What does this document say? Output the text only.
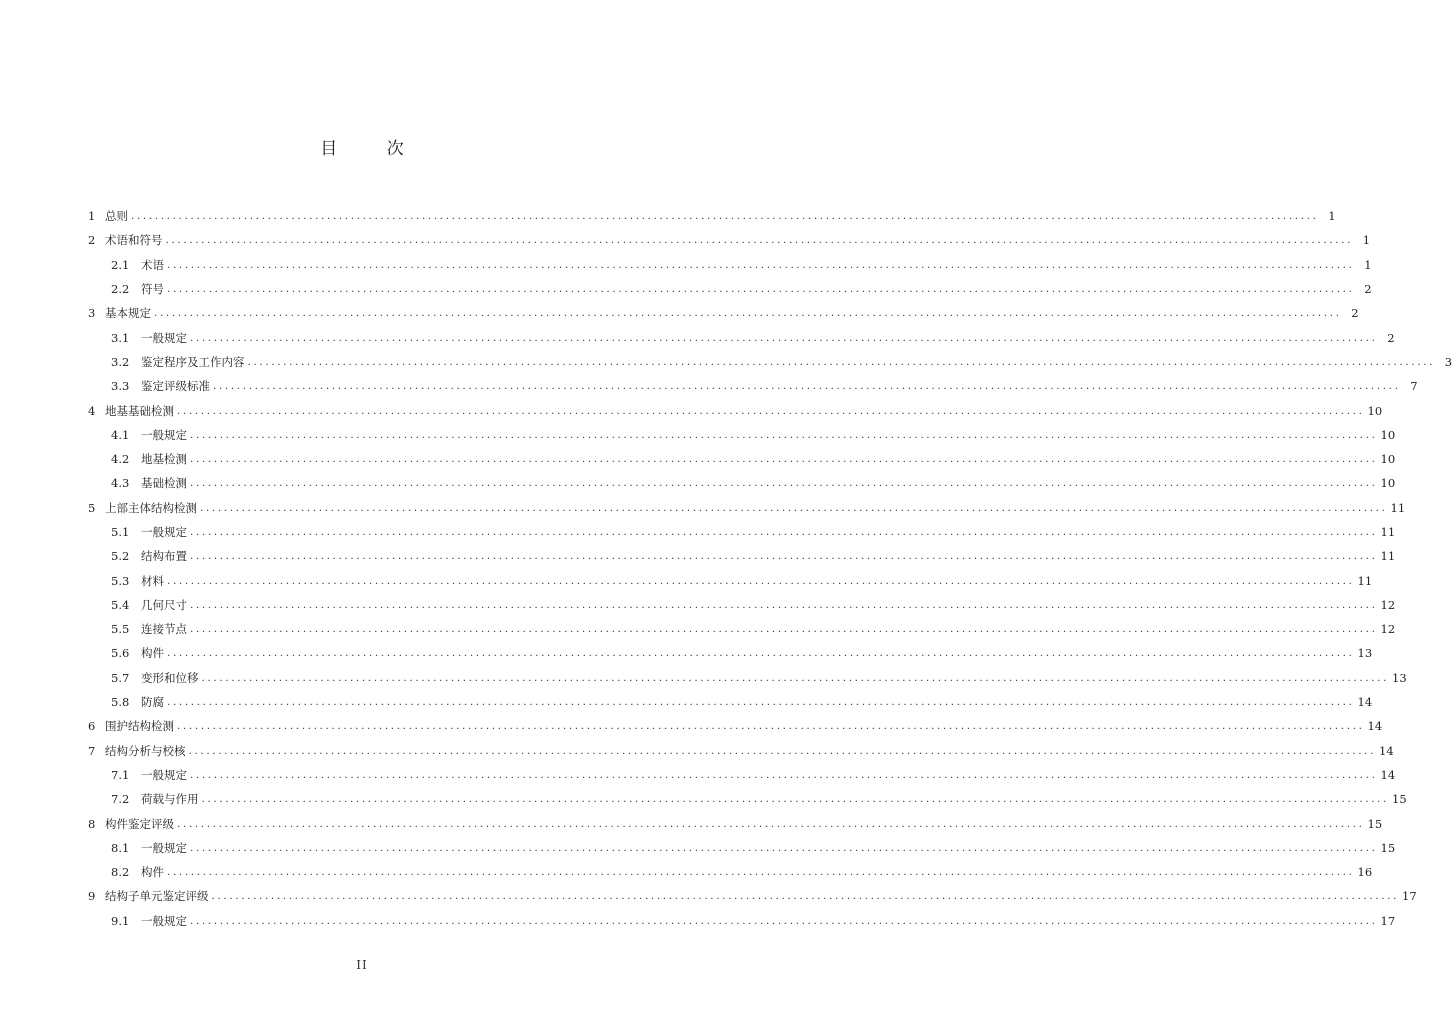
目 次
1 总则 ........................................................................................................................................................................................................ 1
2 术语和符号 ........................................................................................................................................................................................................ 1
2.1	术语 ........................................................................................................................................................................................................ 1
2.2	符号 ........................................................................................................................................................................................................ 2
3 基本规定 ........................................................................................................................................................................................................ 2
3.1	一般规定 ........................................................................................................................................................................................................ 2
3.2	鉴定程序及工作内容 ........................................................................................................................................................................................................ 3
3.3	鉴定评级标准 ........................................................................................................................................................................................................ 7
4 地基基础检测 ........................................................................................................................................................................................................ 10
4.1	一般规定 ........................................................................................................................................................................................................ 10
4.2	地基检测 ........................................................................................................................................................................................................ 10
4.3	基础检测 ........................................................................................................................................................................................................ 10
5 上部主体结构检测 ........................................................................................................................................................................................................ 11
5.1	一般规定 ........................................................................................................................................................................................................ 11
5.2	结构布置 ........................................................................................................................................................................................................ 11
5.3	材料 ........................................................................................................................................................................................................ 11
5.4	几何尺寸 ........................................................................................................................................................................................................ 12
5.5	连接节点 ........................................................................................................................................................................................................ 12
5.6	构件 ........................................................................................................................................................................................................ 13
5.7	变形和位移 ........................................................................................................................................................................................................ 13
5.8	防腐 ........................................................................................................................................................................................................ 14
6 围护结构检测 ........................................................................................................................................................................................................ 14
7 结构分析与校核 ........................................................................................................................................................................................................ 14
7.1	一般规定 ........................................................................................................................................................................................................ 14
7.2	荷载与作用 ........................................................................................................................................................................................................ 15
8 构件鉴定评级 ........................................................................................................................................................................................................ 15
8.1	一般规定 ........................................................................................................................................................................................................ 15
8.2	构件 ........................................................................................................................................................................................................ 16
9 结构子单元鉴定评级 ........................................................................................................................................................................................................ 17
9.1	一般规定 ........................................................................................................................................................................................................ 17
II
